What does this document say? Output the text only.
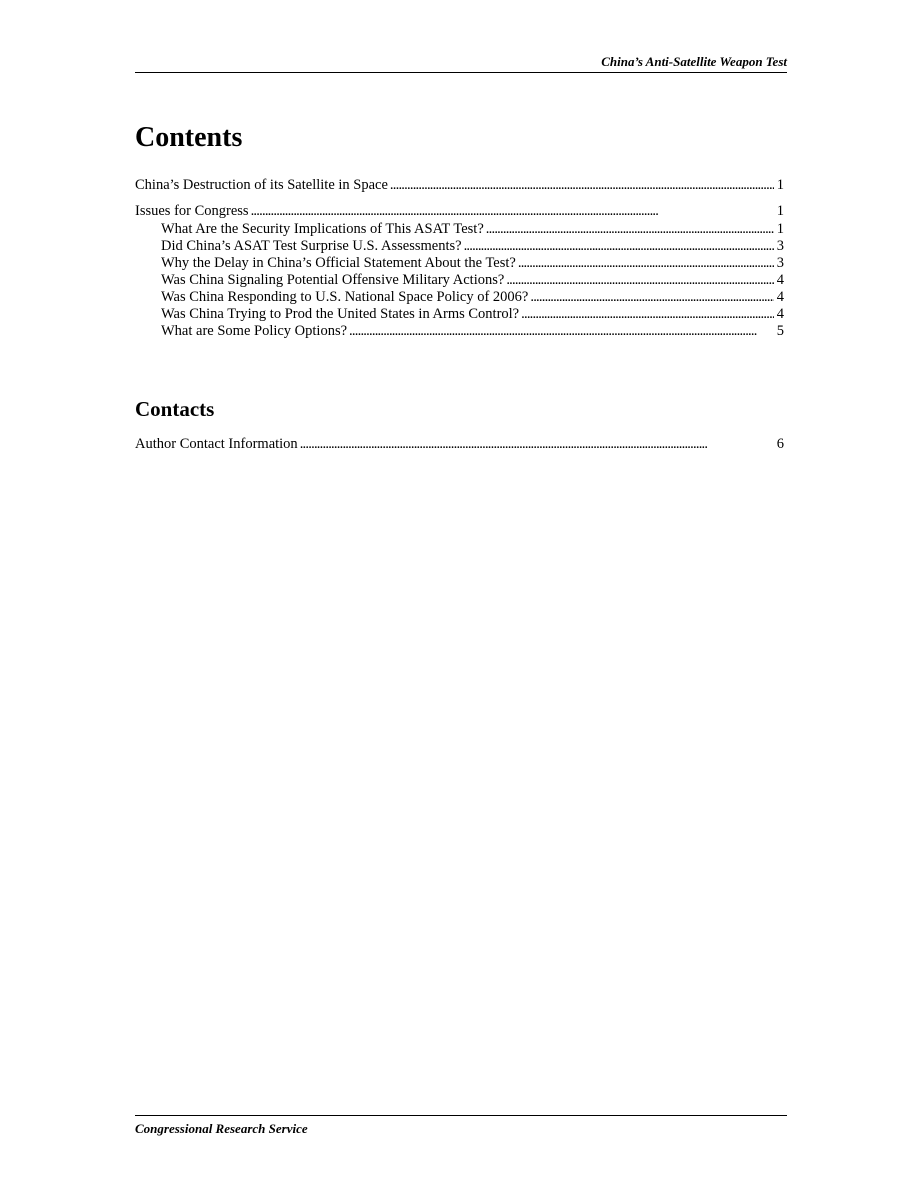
China’s Anti-Satellite Weapon Test
Contents
China’s Destruction of its Satellite in Space . . .	1
Issues for Congress . . .	1
What Are the Security Implications of This ASAT Test? . . .	1
Did China’s ASAT Test Surprise U.S. Assessments? . . .	3
Why the Delay in China’s Official Statement About the Test? . . .	3
Was China Signaling Potential Offensive Military Actions? . . .	4
Was China Responding to U.S. National Space Policy of 2006? . . .	4
Was China Trying to Prod the United States in Arms Control? . . .	4
What are Some Policy Options? . . .	5
Contacts
Author Contact Information . . .	6
Congressional Research Service
